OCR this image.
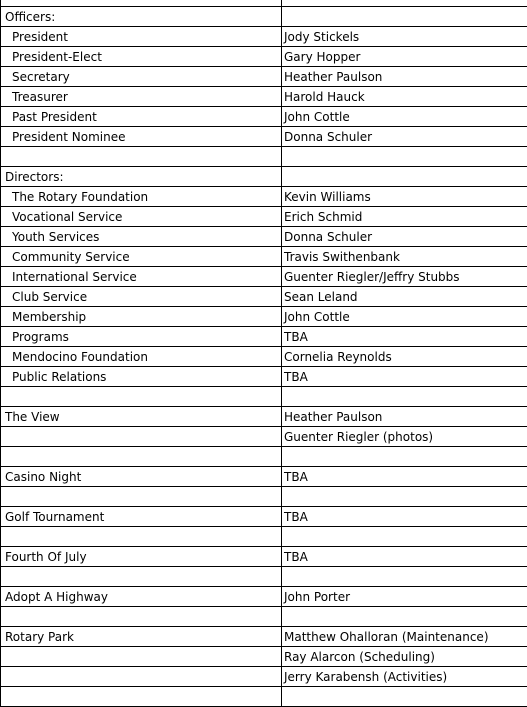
Officers:	
President	Jody Stickels
President-Elect	Gary Hopper
Secretary	Heather Paulson
Treasurer	Harold Hauck
Past President	John Cottle
President Nominee	Donna Schuler

Directors:	
The Rotary Foundation	Kevin Williams
Vocational Service	Erich Schmid
Youth Services	Donna Schuler
Community Service	Travis Swithenbank
International Service	Guenter Riegler/Jeffry Stubbs
Club Service	Sean Leland
Membership	John Cottle
Programs	TBA
Mendocino Foundation	Cornelia Reynolds
Public Relations	TBA

The View	Heather Paulson
	Guenter Riegler (photos)

Casino Night	TBA

Golf Tournament	TBA

Fourth Of July	TBA

Adopt A Highway	John Porter

Rotary Park	Matthew Ohalloran (Maintenance)
	Ray Alarcon (Scheduling)
	Jerry Karabensh (Activities)
